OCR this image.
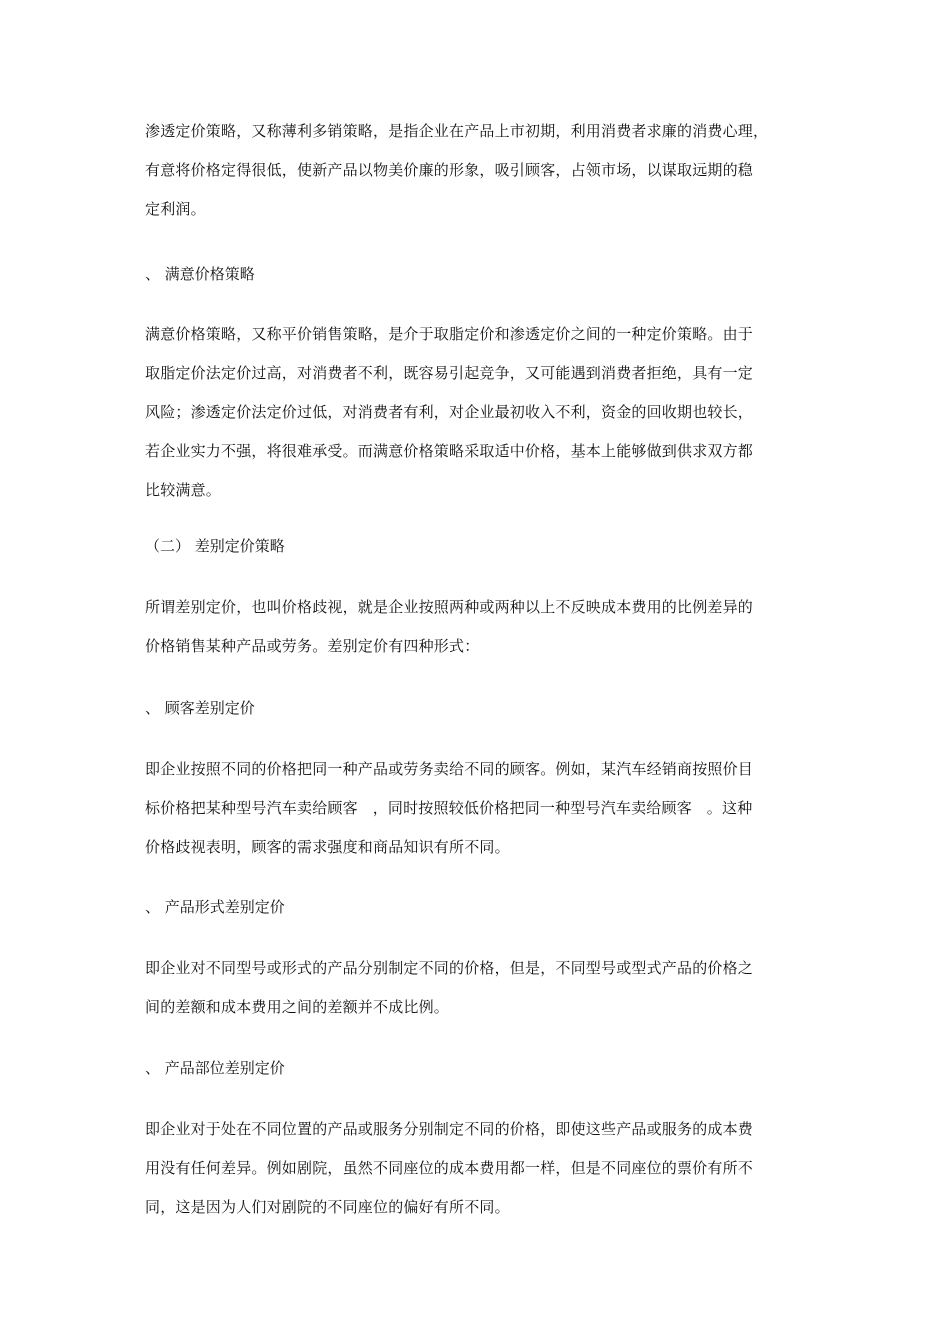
渗透定价策略，又称薄利多销策略，是指企业在产品上市初期，利用消费者求廉的消费心理，
有意将价格定得很低，使新产品以物美价廉的形象，吸引顾客，占领市场，以谋取远期的稳
定利润。
、 满意价格策略
满意价格策略，又称平价销售策略，是介于取脂定价和渗透定价之间的一种定价策略。由于
取脂定价法定价过高，对消费者不利，既容易引起竞争，又可能遇到消费者拒绝，具有一定
风险；渗透定价法定价过低，对消费者有利，对企业最初收入不利，资金的回收期也较长，
若企业实力不强，将很难承受。而满意价格策略采取适中价格，基本上能够做到供求双方都
比较满意。
（二） 差别定价策略
所谓差别定价，也叫价格歧视，就是企业按照两种或两种以上不反映成本费用的比例差异的
价格销售某种产品或劳务。差别定价有四种形式：
、 顾客差别定价
即企业按照不同的价格把同一种产品或劳务卖给不同的顾客。例如，某汽车经销商按照价目
标价格把某种型号汽车卖给顾客   ，同时按照较低价格把同一种型号汽车卖给顾客   。这种
价格歧视表明，顾客的需求强度和商品知识有所不同。
、 产品形式差别定价
即企业对不同型号或形式的产品分别制定不同的价格，但是，不同型号或型式产品的价格之
间的差额和成本费用之间的差额并不成比例。
、 产品部位差别定价
即企业对于处在不同位置的产品或服务分别制定不同的价格，即使这些产品或服务的成本费
用没有任何差异。例如剧院，虽然不同座位的成本费用都一样，但是不同座位的票价有所不
同，这是因为人们对剧院的不同座位的偏好有所不同。
